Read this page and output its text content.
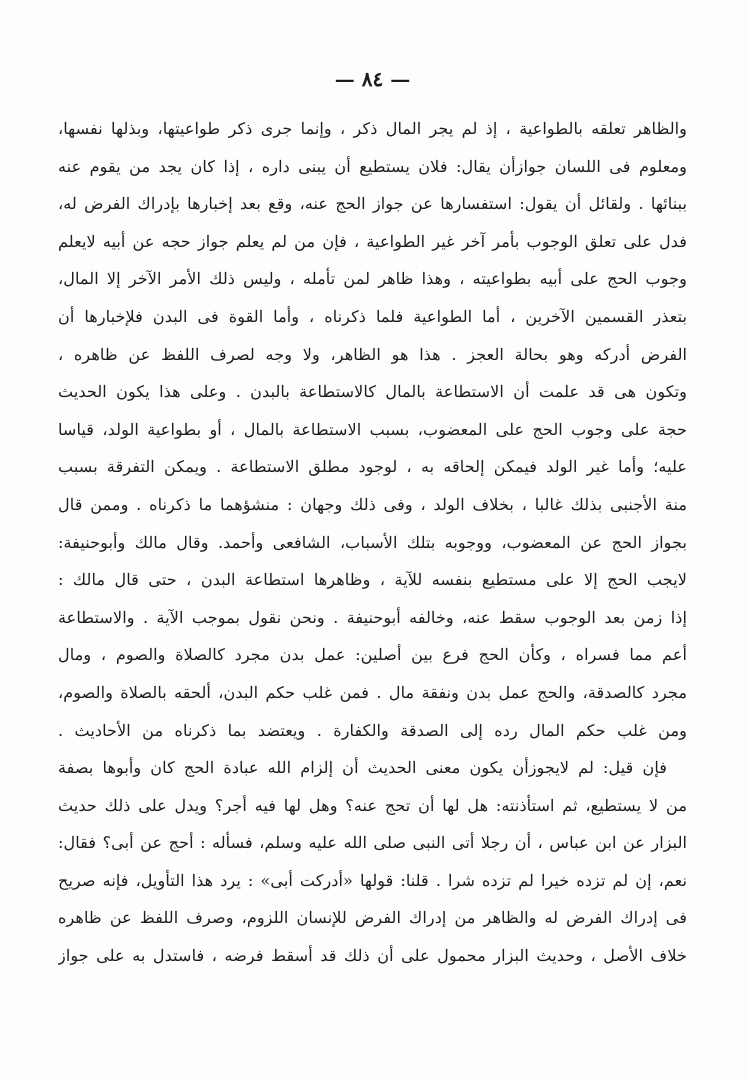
— ٨٤ —
والظاهر تعلقه بالطواعية ، إذ لم يجر المال ذكر ، وإنما جرى ذكر طواعيتها، وبذلها نفسها،
ومعلوم فى اللسان جوازأن يقال: فلان يستطيع أن يبنى داره ، إذا كان يجد من يقوم عنه
ببنائها . ولقائل أن يقول: استفسارها عن جواز الحج عنه، وقع بعد إخبارها بإدراك الفرض له،
فدل على تعلق الوجوب بأمر آخر غير الطواعية ، فإن من لم يعلم جواز حجه عن أبيه لايعلم
وجوب الحج على أبيه بطواعيته ، وهذا ظاهر لمن تأمله ، وليس ذلك الأمر الآخر إلا المال،
بتعذر القسمين الآخرين ، أما الطواعية فلما ذكرناه ، وأما القوة فى البدن فلإخبارها أن
الفرض أدركه وهو بحالة العجز . هذا هو الظاهر، ولا وجه لصرف اللفظ عن ظاهره ،
وتكون هى قد علمت أن الاستطاعة بالمال كالاستطاعة بالبدن . وعلى هذا يكون الحديث
حجة على وجوب الحج على المعضوب، بسبب الاستطاعة بالمال ، أو بطواعية الولد، قياسا
عليه؛ وأما غير الولد فيمكن إلحاقه به ، لوجود مطلق الاستطاعة . ويمكن التفرقة بسبب
منة الأجنبى بذلك غالبا ، بخلاف الولد ، وفى ذلك وجهان : منشؤهما ما ذكرناه . وممن قال
بجواز الحج عن المعضوب، ووجوبه بتلك الأسباب، الشافعى وأحمد. وقال مالك وأبوحنيفة:
لايجب الحج إلا على مستطيع بنفسه للآية ، وظاهرها استطاعة البدن ، حتى قال مالك :
إذا زمن بعد الوجوب سقط عنه، وخالفه أبوحنيفة . ونحن نقول بموجب الآية . والاستطاعة
أعم مما فسراه ، وكأن الحج فرع بين أصلين: عمل بدن مجرد كالصلاة والصوم ، ومال
مجرد كالصدقة، والحج عمل بدن ونفقة مال . فمن غلب حكم البدن، ألحقه بالصلاة والصوم،
ومن غلب حكم المال رده إلى الصدقة والكفارة . ويعتضد بما ذكرناه من الأحاديث .
فإن قيل: لم لايجوزأن يكون معنى الحديث أن إلزام الله عبادة الحج كان وأبوها بصفة
من لا يستطيع، ثم استأذنته: هل لها أن تحج عنه؟ وهل لها فيه أجر؟ ويدل على ذلك حديث
البزار عن ابن عباس ، أن رجلا أتى النبى صلى الله عليه وسلم، فسأله : أحج عن أبى؟ فقال:
نعم، إن لم تزده خيرا لم تزده شرا . قلنا: قولها «أدركت أبى» : يرد هذا التأويل، فإنه صريح
فى إدراك الفرض له والظاهر من إدراك الفرض للإنسان اللزوم، وصرف اللفظ عن ظاهره
خلاف الأصل ، وحديث البزار محمول على أن ذلك قد أسقط فرضه ، فاستدل به على جواز
